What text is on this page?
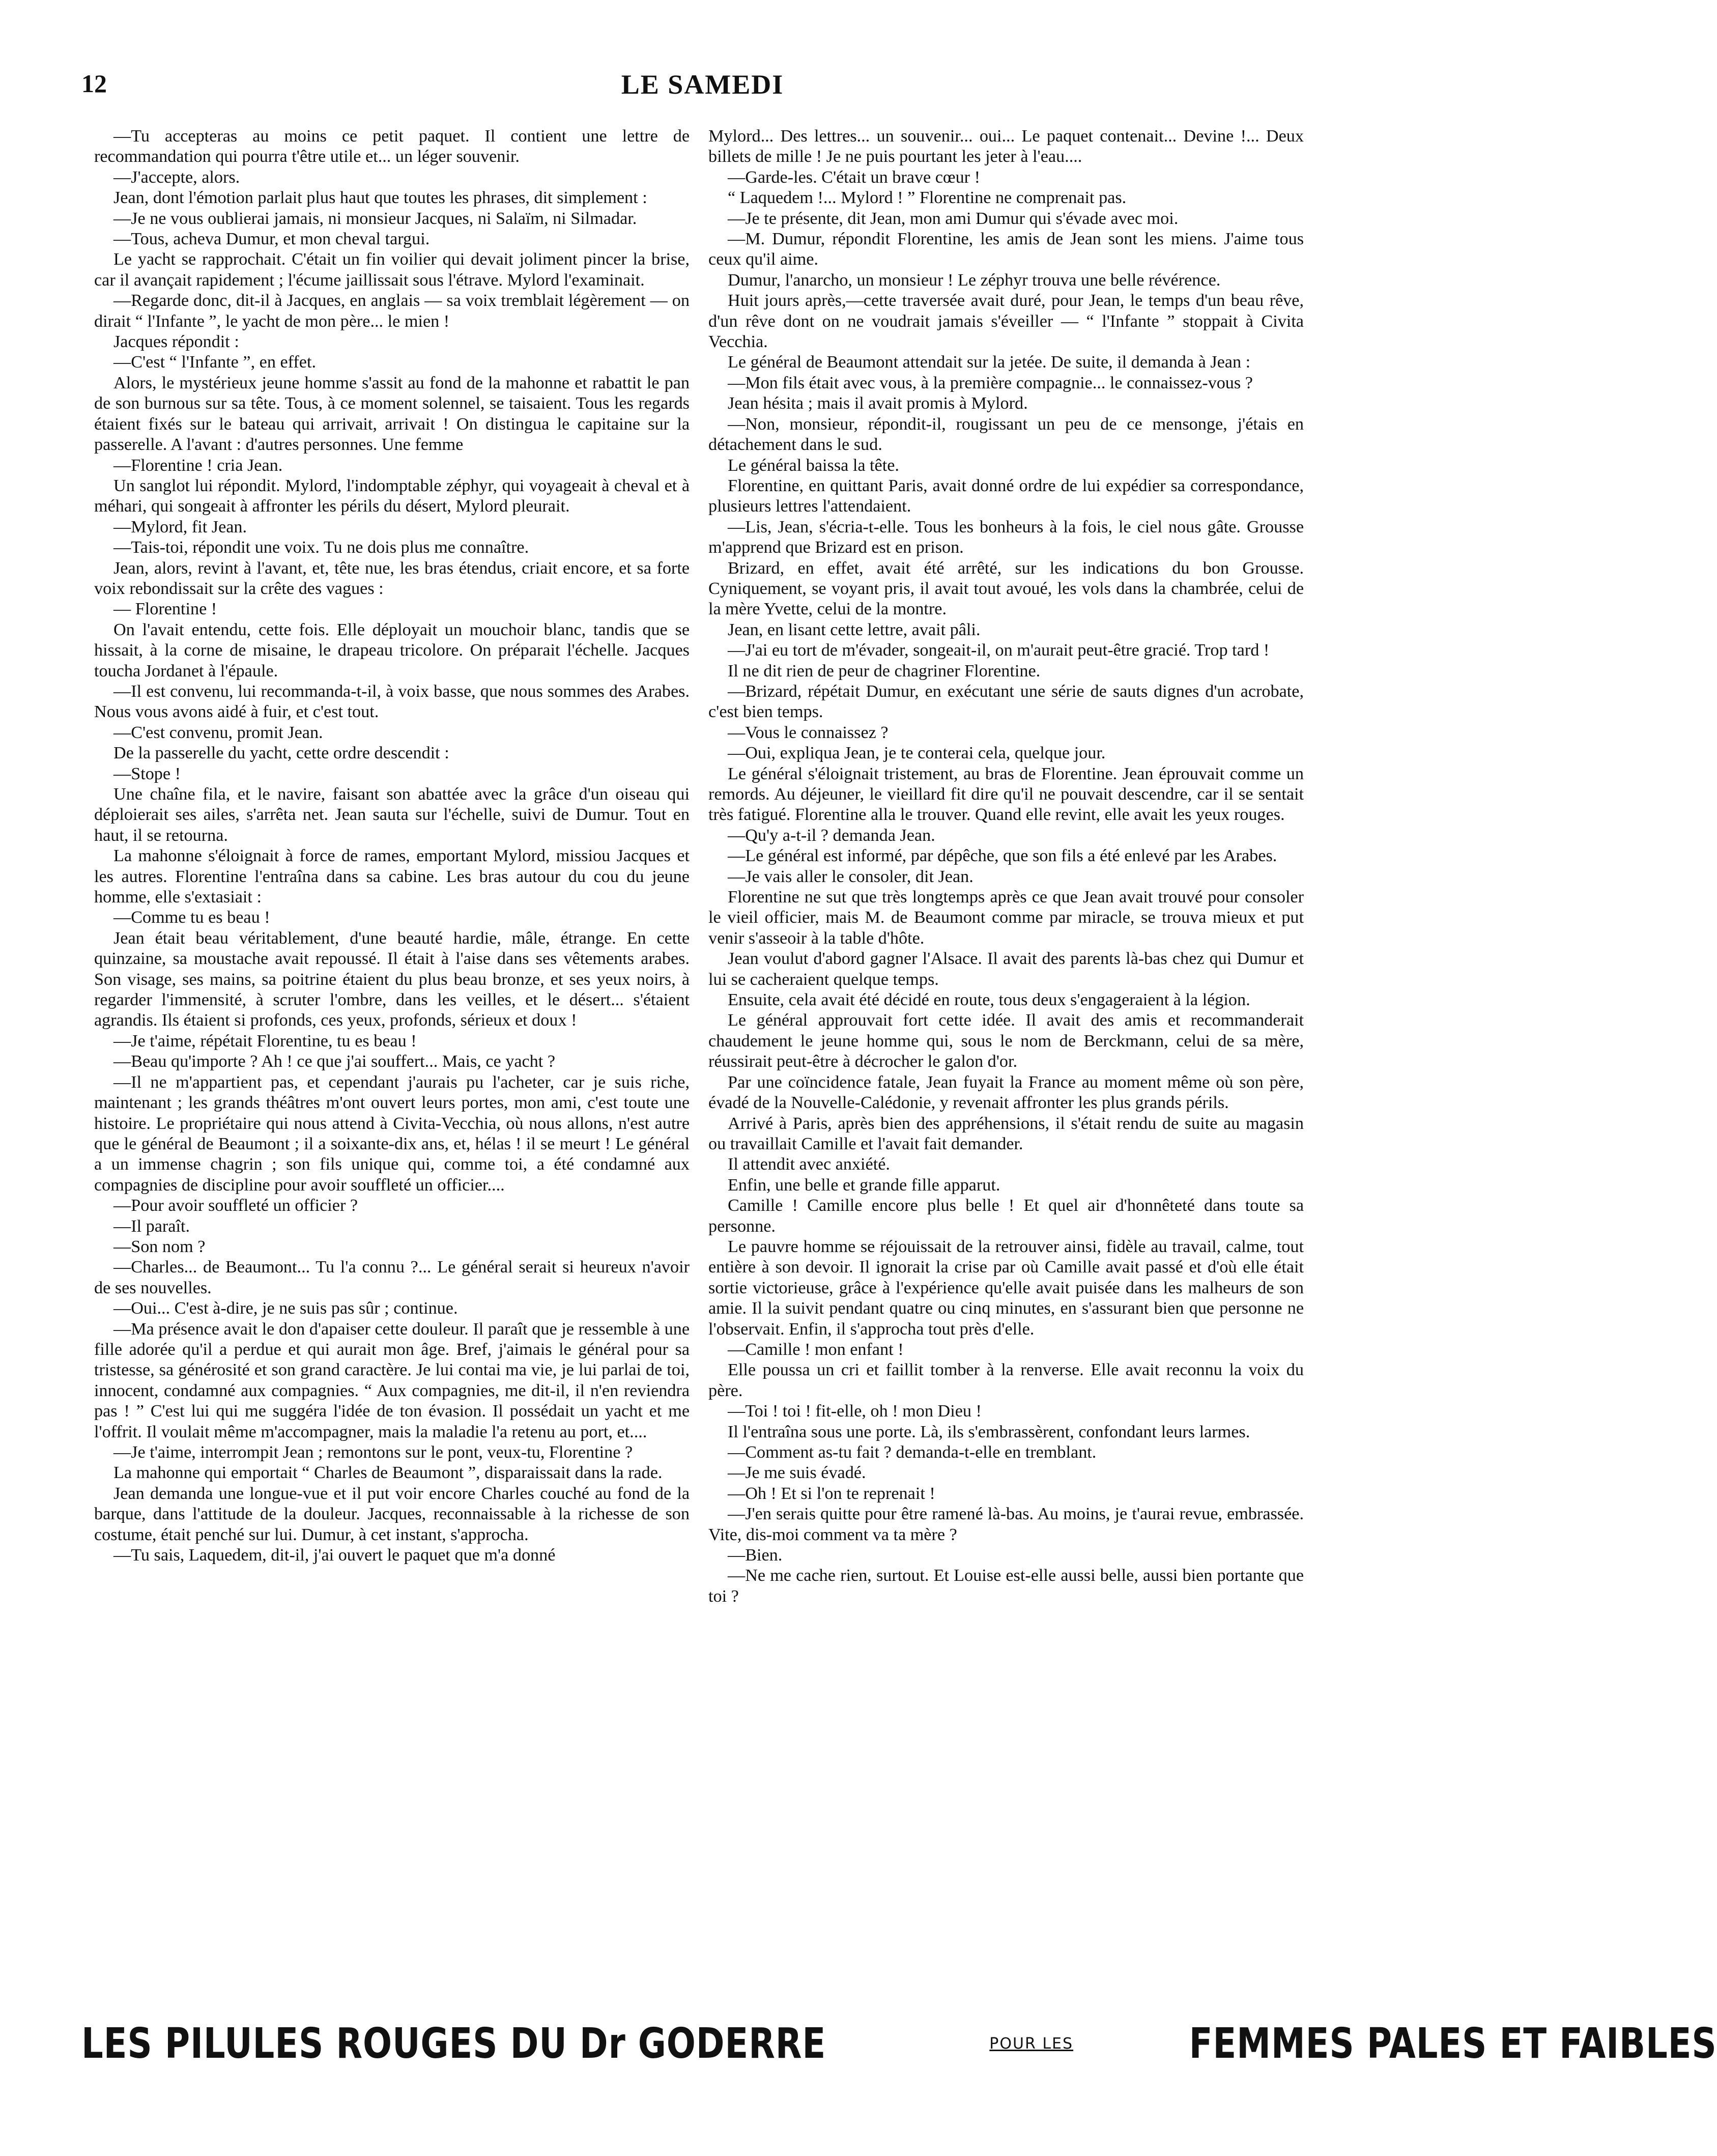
12	LE SAMEDI

—Tu accepteras au moins ce petit paquet. Il contient une lettre de recommandation qui pourra t'être utile et... un léger souvenir.

—J'accepte, alors.

Jean, dont l'émotion parlait plus haut que toutes les phrases, dit simplement :

—Je ne vous oublierai jamais, ni monsieur Jacques, ni Salaïm, ni Silmadar.

—Tous, acheva Dumur, et mon cheval targui.

Le yacht se rapprochait. C'était un fin voilier qui devait joliment pincer la brise, car il avançait rapidement ; l'écume jaillissait sous l'étrave. Mylord l'examinait.

—Regarde donc, dit-il à Jacques, en anglais — sa voix tremblait légèrement — on dirait “ l'Infante ”, le yacht de mon père... le mien !

Jacques répondit :

—C'est “ l'Infante ”, en effet.

Alors, le mystérieux jeune homme s'assit au fond de la mahonne et rabattit le pan de son burnous sur sa tête. Tous, à ce moment solennel, se taisaient. Tous les regards étaient fixés sur le bateau qui arrivait, arrivait ! On distingua le capitaine sur la passerelle. A l'avant : d'autres personnes. Une femme

—Florentine ! cria Jean.

Un sanglot lui répondit. Mylord, l'indomptable zéphyr, qui voyageait à cheval et à méhari, qui songeait à affronter les périls du désert, Mylord pleurait.

—Mylord, fit Jean.

—Tais-toi, répondit une voix. Tu ne dois plus me connaître.

Jean, alors, revint à l'avant, et, tête nue, les bras étendus, criait encore, et sa forte voix rebondissait sur la crête des vagues :

— Florentine !

On l'avait entendu, cette fois. Elle déployait un mouchoir blanc, tandis que se hissait, à la corne de misaine, le drapeau tricolore. On préparait l'échelle. Jacques toucha Jordanet à l'épaule.

—Il est convenu, lui recommanda-t-il, à voix basse, que nous sommes des Arabes. Nous vous avons aidé à fuir, et c'est tout.

—C'est convenu, promit Jean.

De la passerelle du yacht, cette ordre descendit :

—Stope !

Une chaîne fila, et le navire, faisant son abattée avec la grâce d'un oiseau qui déploierait ses ailes, s'arrêta net. Jean sauta sur l'échelle, suivi de Dumur. Tout en haut, il se retourna.

La mahonne s'éloignait à force de rames, emportant Mylord, missiou Jacques et les autres. Florentine l'entraîna dans sa cabine. Les bras autour du cou du jeune homme, elle s'extasiait :

—Comme tu es beau !

Jean était beau véritablement, d'une beauté hardie, mâle, étrange. En cette quinzaine, sa moustache avait repoussé. Il était à l'aise dans ses vêtements arabes. Son visage, ses mains, sa poitrine étaient du plus beau bronze, et ses yeux noirs, à regarder l'immensité, à scruter l'ombre, dans les veilles, et le désert... s'étaient agrandis. Ils étaient si profonds, ces yeux, profonds, sérieux et doux !

—Je t'aime, répétait Florentine, tu es beau !

—Beau qu'importe ? Ah ! ce que j'ai souffert... Mais, ce yacht ?

—Il ne m'appartient pas, et cependant j'aurais pu l'acheter, car je suis riche, maintenant ; les grands théâtres m'ont ouvert leurs portes, mon ami, c'est toute une histoire. Le propriétaire qui nous attend à Civita-Vecchia, où nous allons, n'est autre que le général de Beaumont ; il a soixante-dix ans, et, hélas ! il se meurt ! Le général a un immense chagrin ; son fils unique qui, comme toi, a été condamné aux compagnies de discipline pour avoir souffleté un officier....

—Pour avoir souffleté un officier ?

—Il paraît.

—Son nom ?

—Charles... de Beaumont... Tu l'a connu ?... Le général serait si heureux n'avoir de ses nouvelles.

—Oui... C'est à-dire, je ne suis pas sûr ; continue.

—Ma présence avait le don d'apaiser cette douleur. Il paraît que je ressemble à une fille adorée qu'il a perdue et qui aurait mon âge. Bref, j'aimais le général pour sa tristesse, sa générosité et son grand caractère. Je lui contai ma vie, je lui parlai de toi, innocent, condamné aux compagnies. “ Aux compagnies, me dit-il, il n'en reviendra pas ! ” C'est lui qui me suggéra l'idée de ton évasion. Il possédait un yacht et me l'offrit. Il voulait même m'accompagner, mais la maladie l'a retenu au port, et....

—Je t'aime, interrompit Jean ; remontons sur le pont, veux-tu, Florentine ?

La mahonne qui emportait “ Charles de Beaumont ”, disparaissait dans la rade.

Jean demanda une longue-vue et il put voir encore Charles couché au fond de la barque, dans l'attitude de la douleur. Jacques, reconnaissable à la richesse de son costume, était penché sur lui. Dumur, à cet instant, s'approcha.

—Tu sais, Laquedem, dit-il, j'ai ouvert le paquet que m'a donné

Mylord... Des lettres... un souvenir... oui... Le paquet contenait... Devine !... Deux billets de mille ! Je ne puis pourtant les jeter à l'eau....

—Garde-les. C'était un brave cœur !

“ Laquedem !... Mylord ! ” Florentine ne comprenait pas.

—Je te présente, dit Jean, mon ami Dumur qui s'évade avec moi.

—M. Dumur, répondit Florentine, les amis de Jean sont les miens. J'aime tous ceux qu'il aime.

Dumur, l'anarcho, un monsieur ! Le zéphyr trouva une belle révérence.

Huit jours après,—cette traversée avait duré, pour Jean, le temps d'un beau rêve, d'un rêve dont on ne voudrait jamais s'éveiller — “ l'Infante ” stoppait à Civita Vecchia.

Le général de Beaumont attendait sur la jetée. De suite, il demanda à Jean :

—Mon fils était avec vous, à la première compagnie... le connaissez-vous ?

Jean hésita ; mais il avait promis à Mylord.

—Non, monsieur, répondit-il, rougissant un peu de ce mensonge, j'étais en détachement dans le sud.

Le général baissa la tête.

Florentine, en quittant Paris, avait donné ordre de lui expédier sa correspondance, plusieurs lettres l'attendaient.

—Lis, Jean, s'écria-t-elle. Tous les bonheurs à la fois, le ciel nous gâte. Grousse m'apprend que Brizard est en prison.

Brizard, en effet, avait été arrêté, sur les indications du bon Grousse. Cyniquement, se voyant pris, il avait tout avoué, les vols dans la chambrée, celui de la mère Yvette, celui de la montre.

Jean, en lisant cette lettre, avait pâli.

—J'ai eu tort de m'évader, songeait-il, on m'aurait peut-être gracié. Trop tard !

Il ne dit rien de peur de chagriner Florentine.

—Brizard, répétait Dumur, en exécutant une série de sauts dignes d'un acrobate, c'est bien temps.

—Vous le connaissez ?

—Oui, expliqua Jean, je te conterai cela, quelque jour.

Le général s'éloignait tristement, au bras de Florentine. Jean éprouvait comme un remords. Au déjeuner, le vieillard fit dire qu'il ne pouvait descendre, car il se sentait très fatigué. Florentine alla le trouver. Quand elle revint, elle avait les yeux rouges.

—Qu'y a-t-il ? demanda Jean.

—Le général est informé, par dépêche, que son fils a été enlevé par les Arabes.

—Je vais aller le consoler, dit Jean.

Florentine ne sut que très longtemps après ce que Jean avait trouvé pour consoler le vieil officier, mais M. de Beaumont comme par miracle, se trouva mieux et put venir s'asseoir à la table d'hôte.

Jean voulut d'abord gagner l'Alsace. Il avait des parents là-bas chez qui Dumur et lui se cacheraient quelque temps.

Ensuite, cela avait été décidé en route, tous deux s'engageraient à la légion.

Le général approuvait fort cette idée. Il avait des amis et recommanderait chaudement le jeune homme qui, sous le nom de Berckmann, celui de sa mère, réussirait peut-être à décrocher le galon d'or.

Par une coïncidence fatale, Jean fuyait la France au moment même où son père, évadé de la Nouvelle-Calédonie, y revenait affronter les plus grands périls.

Arrivé à Paris, après bien des appréhensions, il s'était rendu de suite au magasin ou travaillait Camille et l'avait fait demander.

Il attendit avec anxiété.

Enfin, une belle et grande fille apparut.

Camille ! Camille encore plus belle ! Et quel air d'honnêteté dans toute sa personne.

Le pauvre homme se réjouissait de la retrouver ainsi, fidèle au travail, calme, tout entière à son devoir. Il ignorait la crise par où Camille avait passé et d'où elle était sortie victorieuse, grâce à l'expérience qu'elle avait puisée dans les malheurs de son amie. Il la suivit pendant quatre ou cinq minutes, en s'assurant bien que personne ne l'observait. Enfin, il s'approcha tout près d'elle.

—Camille ! mon enfant !

Elle poussa un cri et faillit tomber à la renverse. Elle avait reconnu la voix du père.

—Toi ! toi ! fit-elle, oh ! mon Dieu !

Il l'entraîna sous une porte. Là, ils s'embrassèrent, confondant leurs larmes.

—Comment as-tu fait ? demanda-t-elle en tremblant.

—Je me suis évadé.

—Oh ! Et si l'on te reprenait !

—J'en serais quitte pour être ramené là-bas. Au moins, je t'aurai revue, embrassée. Vite, dis-moi comment va ta mère ?

—Bien.

—Ne me cache rien, surtout. Et Louise est-elle aussi belle, aussi bien portante que toi ?

LES PILULES ROUGES DU Dr GODERRE	POUR LES	FEMMES PALES ET FAIBLES
